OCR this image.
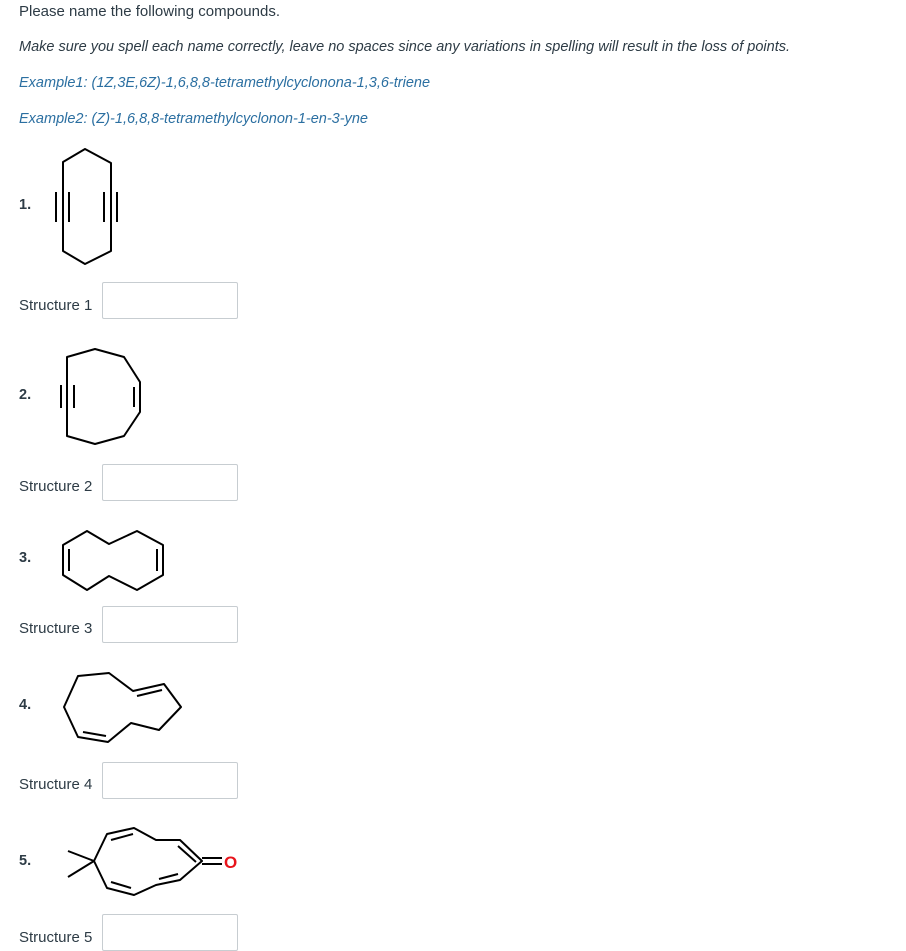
Please name the following compounds.
Make sure you spell each name correctly, leave no spaces since any variations in spelling will result in the loss of points.
Example1: (1Z,3E,6Z)-1,6,8,8-tetramethylcyclonona-1,3,6-triene
Example2: (Z)-1,6,8,8-tetramethylcyclonon-1-en-3-yne
1.
Structure 1
2.
Structure 2
3.
Structure 3
4.
Structure 4
5.	O
Structure 5
